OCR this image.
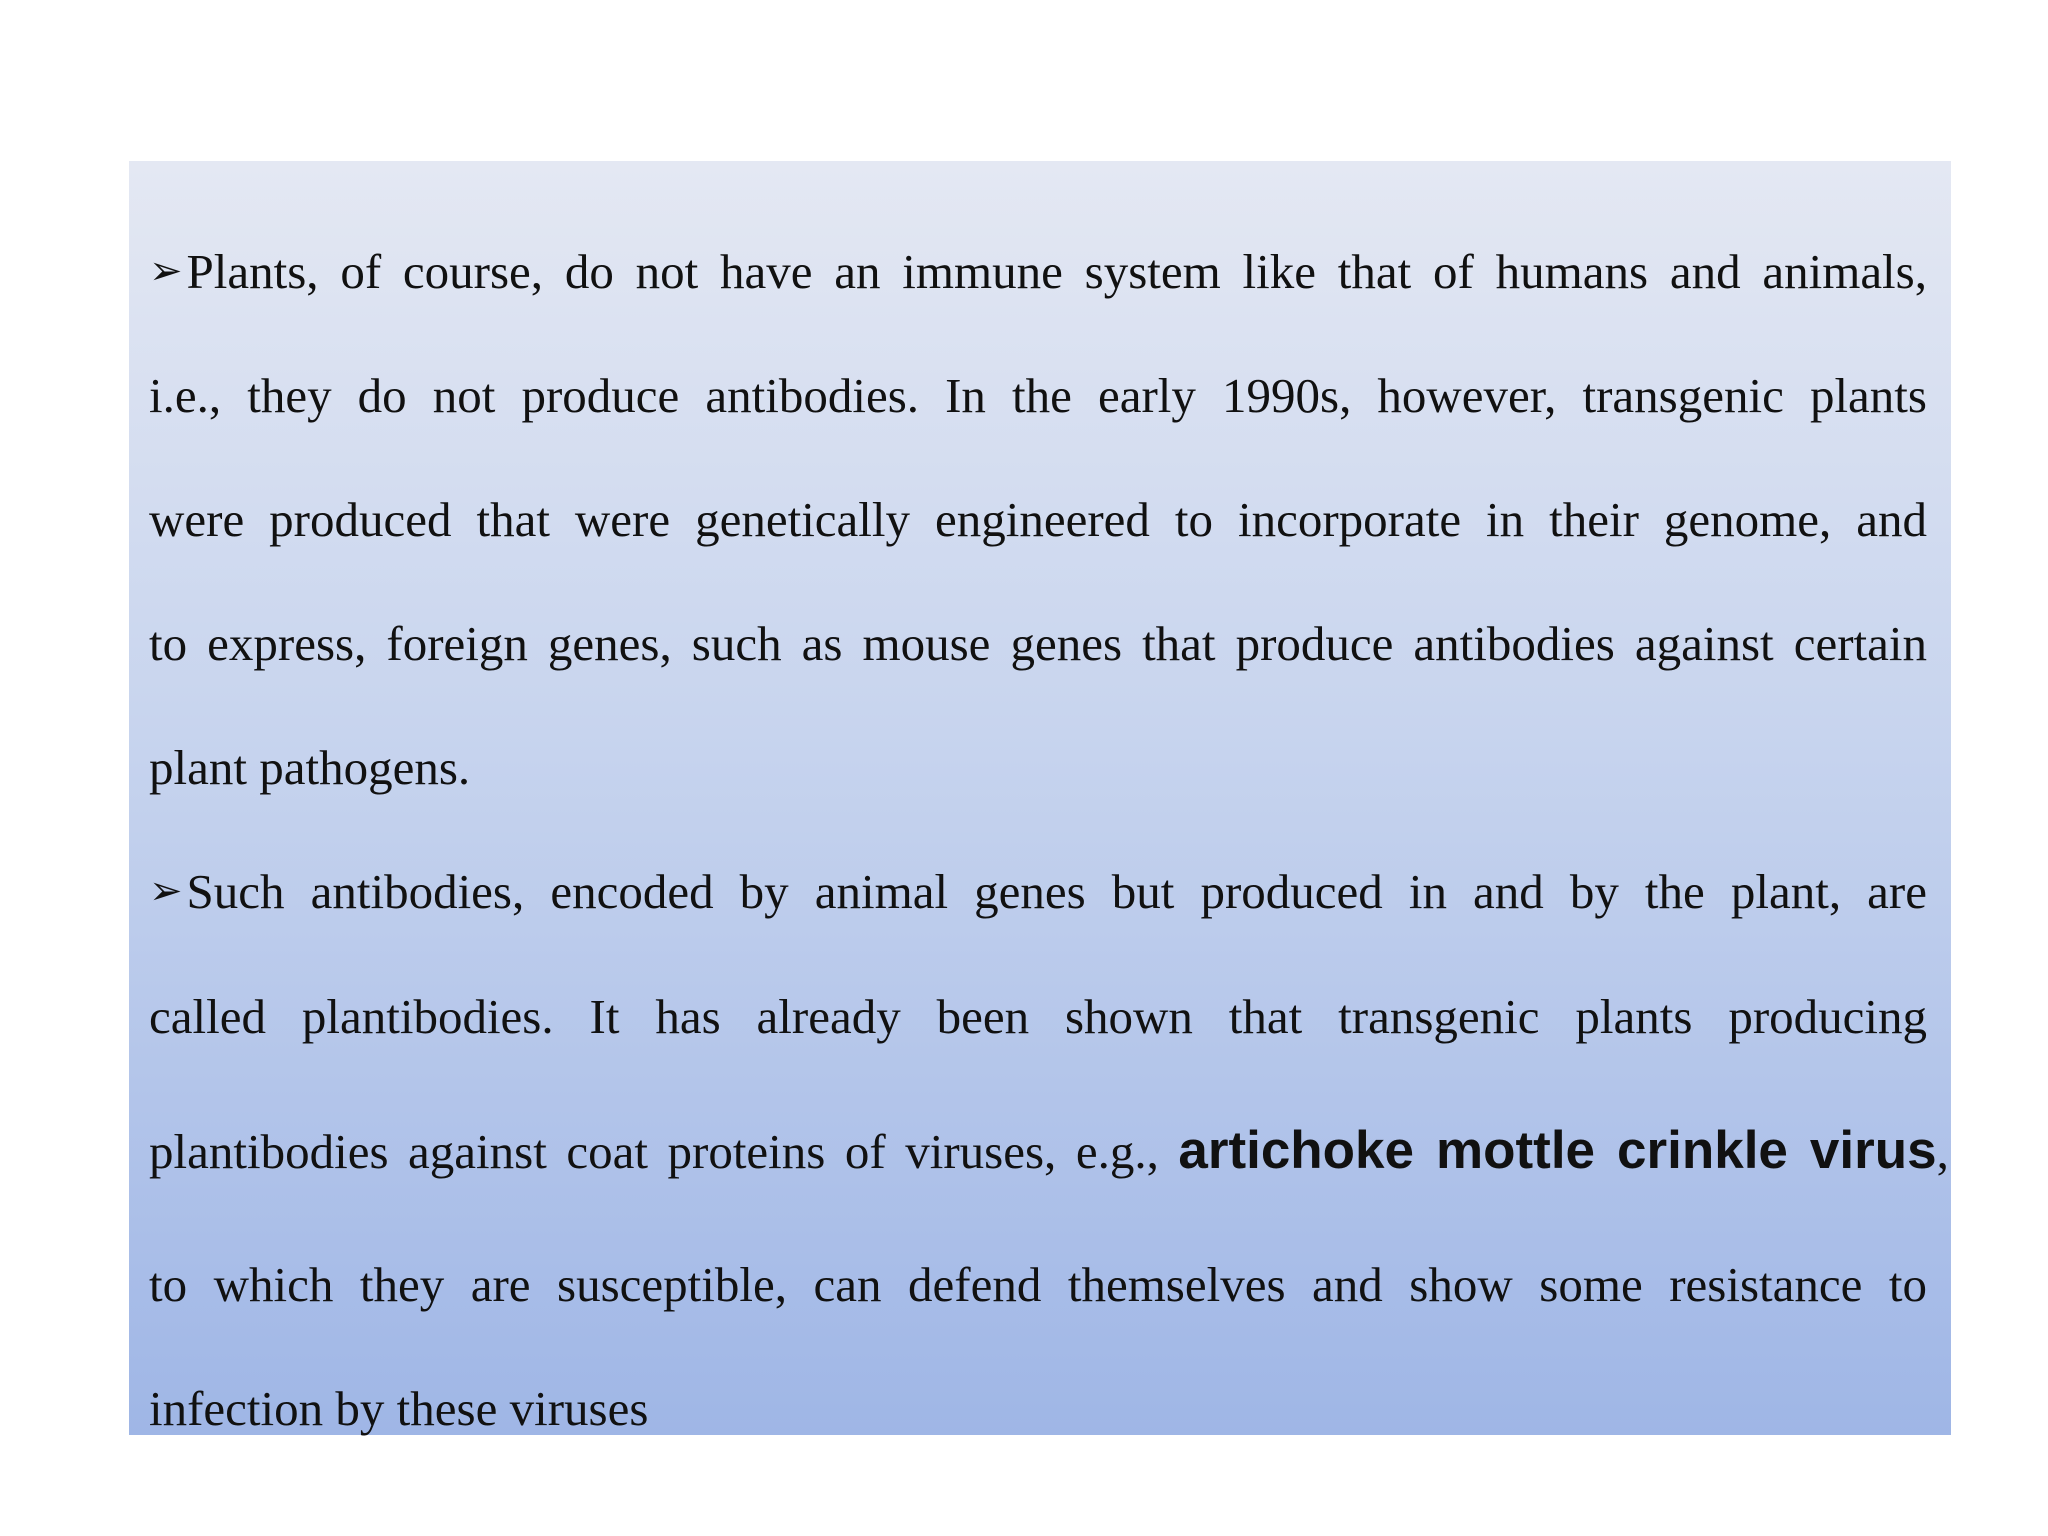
➢Plants, of course, do not have an immune system like that of humans and animals,
i.e., they do not produce antibodies. In the early 1990s, however, transgenic plants
were produced that were genetically engineered to incorporate in their genome, and
to express, foreign genes, such as mouse genes that produce antibodies against certain
plant pathogens.
➢Such antibodies, encoded by animal genes but produced in and by the plant, are
called plantibodies. It has already been shown that transgenic plants producing
plantibodies against coat proteins of viruses, e.g., artichoke mottle crinkle virus,
to which they are susceptible, can defend themselves and show some resistance to
infection by these viruses
